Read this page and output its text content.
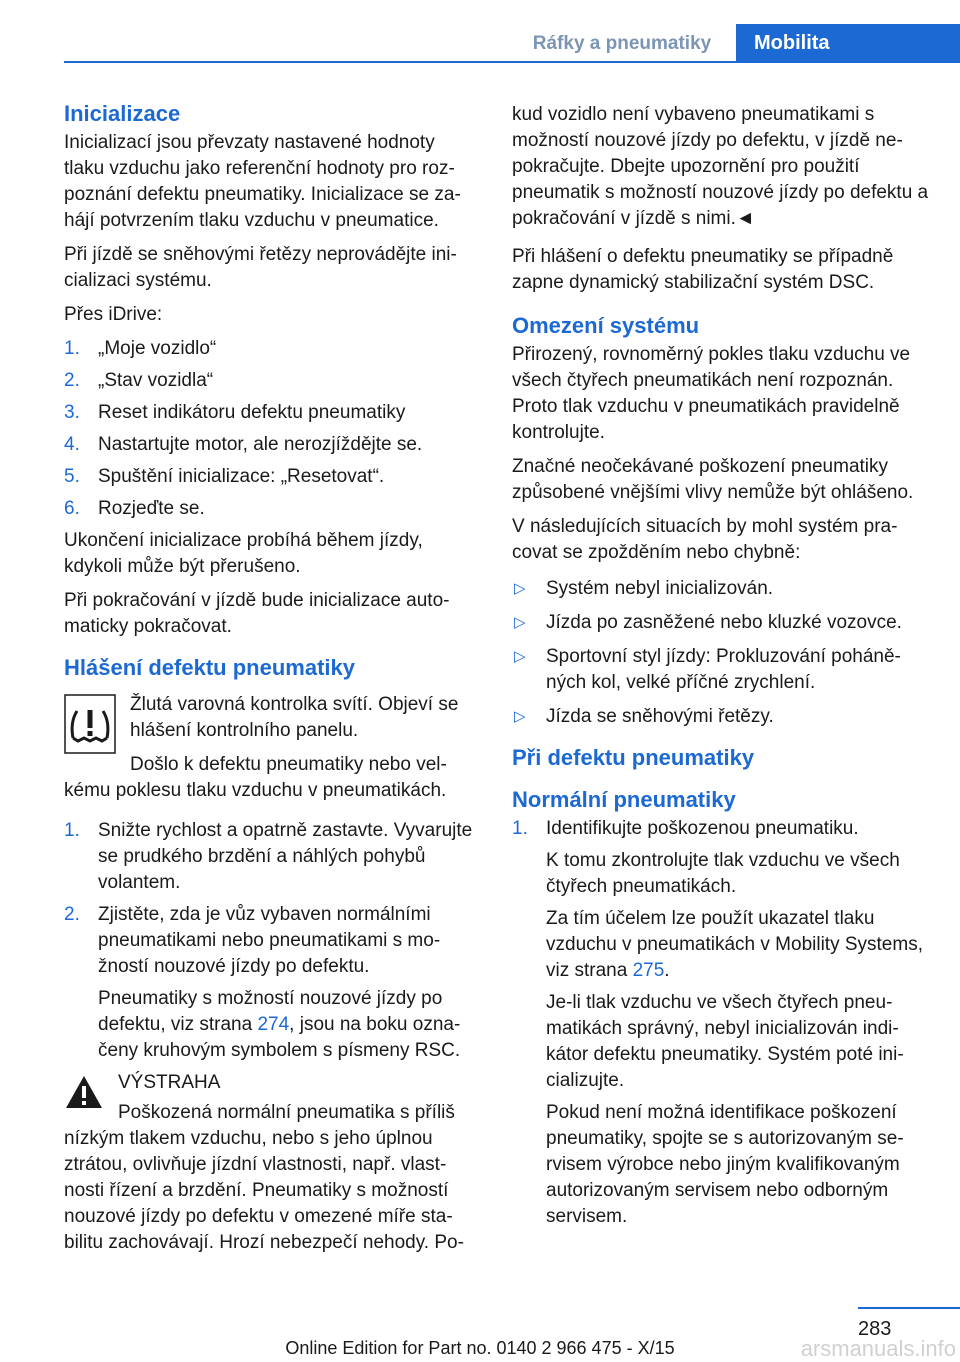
Ráfky a pneumatiky	Mobilita
Inicializace

Inicializací jsou převzaty nastavené hodnoty tlaku vzduchu jako referenční hodnoty pro rozpoznání defektu pneumatiky. Inicializace se zahájí potvrzením tlaku vzduchu v pneumatice.

Při jízdě se sněhovými řetězy neprovádějte inicializaci systému.

Přes iDrive:

1. „Moje vozidlo“
2. „Stav vozidla“
3. Reset indikátoru defektu pneumatiky
4. Nastartujte motor, ale nerozjíždějte se.
5. Spuštění inicializace: „Resetovat“.
6. Rozjeďte se.

Ukončení inicializace probíhá během jízdy, kdykoli může být přerušeno.

Při pokračování v jízdě bude inicializace automaticky pokračovat.

Hlášení defektu pneumatiky

Žlutá varovná kontrolka svítí. Objeví se hlášení kontrolního panelu.

Došlo k defektu pneumatiky nebo velkému poklesu tlaku vzduchu v pneumatikách.

1. Snižte rychlost a opatrně zastavte. Vyvarujte se prudkého brzdění a náhlých pohybů volantem.
2. Zjistěte, zda je vůz vybaven normálními pneumatikami nebo pneumatikami s možností nouzové jízdy po defektu.
Pneumatiky s možností nouzové jízdy po defektu, viz strana 274, jsou na boku označeny kruhovým symbolem s písmeny RSC.
VÝSTRAHA

Poškozená normální pneumatika s příliš nízkým tlakem vzduchu, nebo s jeho úplnou ztrátou, ovlivňuje jízdní vlastnosti, např. vlastnosti řízení a brzdění. Pneumatiky s možností nouzové jízdy po defektu v omezené míře stabilitu zachovávají. Hrozí nebezpečí nehody. Po-

kud vozidlo není vybaveno pneumatikami s možností nouzové jízdy po defektu, v jízdě nepokračujte. Dbejte upozornění pro použití pneumatik s možností nouzové jízdy po defektu a pokračování v jízdě s nimi.◄

Při hlášení o defektu pneumatiky se případně zapne dynamický stabilizační systém DSC.

Omezení systému

Přirozený, rovnoměrný pokles tlaku vzduchu ve všech čtyřech pneumatikách není rozpoznán. Proto tlak vzduchu v pneumatikách pravidelně kontrolujte.

Značné neočekávané poškození pneumatiky způsobené vnějšími vlivy nemůže být ohlášeno.

V následujících situacích by mohl systém pracovat se zpožděním nebo chybně:

▷ Systém nebyl inicializován.
▷ Jízda po zasněžené nebo kluzké vozovce.
▷ Sportovní styl jízdy: Prokluzování poháněných kol, velké příčné zrychlení.
▷ Jízda se sněhovými řetězy.
Při defektu pneumatiky
Normální pneumatiky
1. Identifikujte poškozenou pneumatiku.
K tomu zkontrolujte tlak vzduchu ve všech čtyřech pneumatikách.
Za tím účelem lze použít ukazatel tlaku vzduchu v pneumatikách v Mobility Systems, viz strana 275.
Je-li tlak vzduchu ve všech čtyřech pneumatikách správný, nebyl inicializován indikátor defektu pneumatiky. Systém poté inicializujte.
Pokud není možná identifikace poškození pneumatiky, spojte se s autorizovaným servisem výrobce nebo jiným kvalifikovaným autorizovaným servisem nebo odborným servisem.
283
arsmanuals.info
Online Edition for Part no. 0140 2 966 475 - X/15
